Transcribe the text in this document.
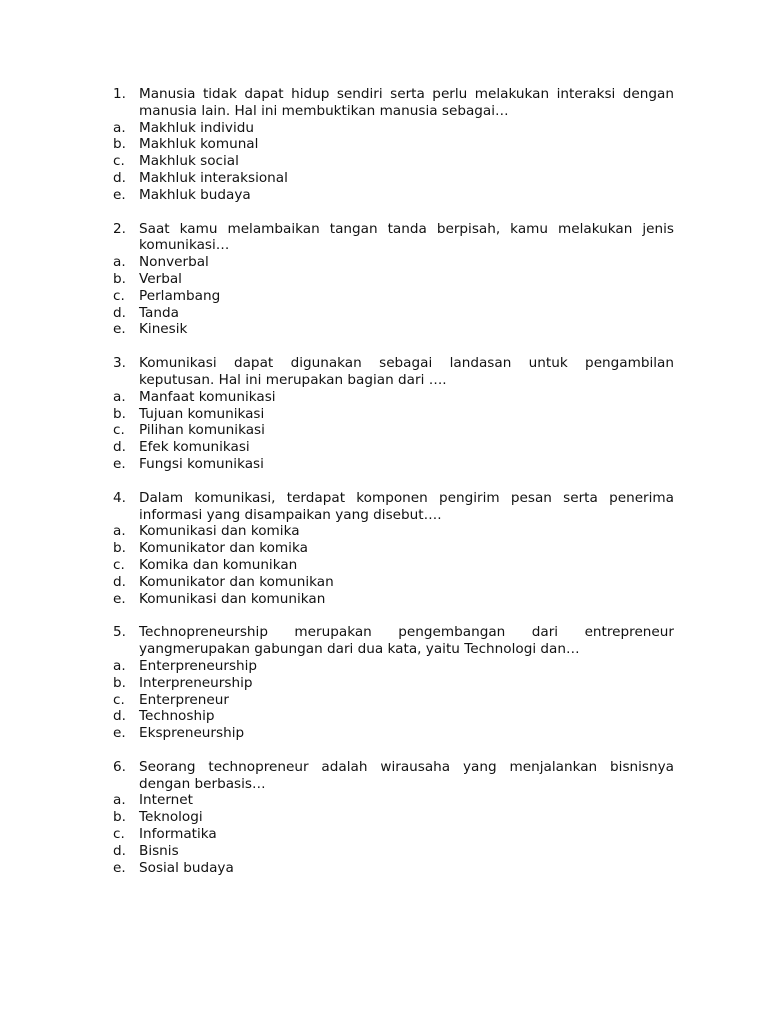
1. Manusia tidak dapat hidup sendiri serta perlu melakukan interaksi dengan manusia lain. Hal ini membuktikan manusia sebagai…
a. Makhluk individu
b. Makhluk komunal
c.	Makhluk social
d. Makhluk interaksional
e. Makhluk budaya
2. Saat kamu melambaikan tangan tanda berpisah, kamu melakukan jenis komunikasi…
a. Nonverbal
b. Verbal
c.	Perlambang
d. Tanda
e. Kinesik
3. Komunikasi dapat digunakan sebagai landasan untuk pengambilan keputusan. Hal ini merupakan bagian dari ….
a. Manfaat komunikasi
b. Tujuan komunikasi
c.	Pilihan komunikasi
d. Efek komunikasi
e. Fungsi komunikasi
4. Dalam komunikasi, terdapat komponen pengirim pesan serta penerima informasi yang disampaikan yang disebut….
a. Komunikasi dan komika
b. Komunikator dan komika
c.	Komika dan komunikan
d. Komunikator dan komunikan
e. Komunikasi dan komunikan
5. Technopreneurship merupakan pengembangan dari entrepreneur yangmerupakan gabungan dari dua kata, yaitu Technologi dan…
a. Enterpreneurship
b. Interpreneurship
c.	Enterpreneur
d. Technoship
e. Ekspreneurship
6. Seorang technopreneur adalah wirausaha yang menjalankan bisnisnya dengan berbasis…
a. Internet
b. Teknologi
c.	Informatika
d. Bisnis
e. Sosial budaya
